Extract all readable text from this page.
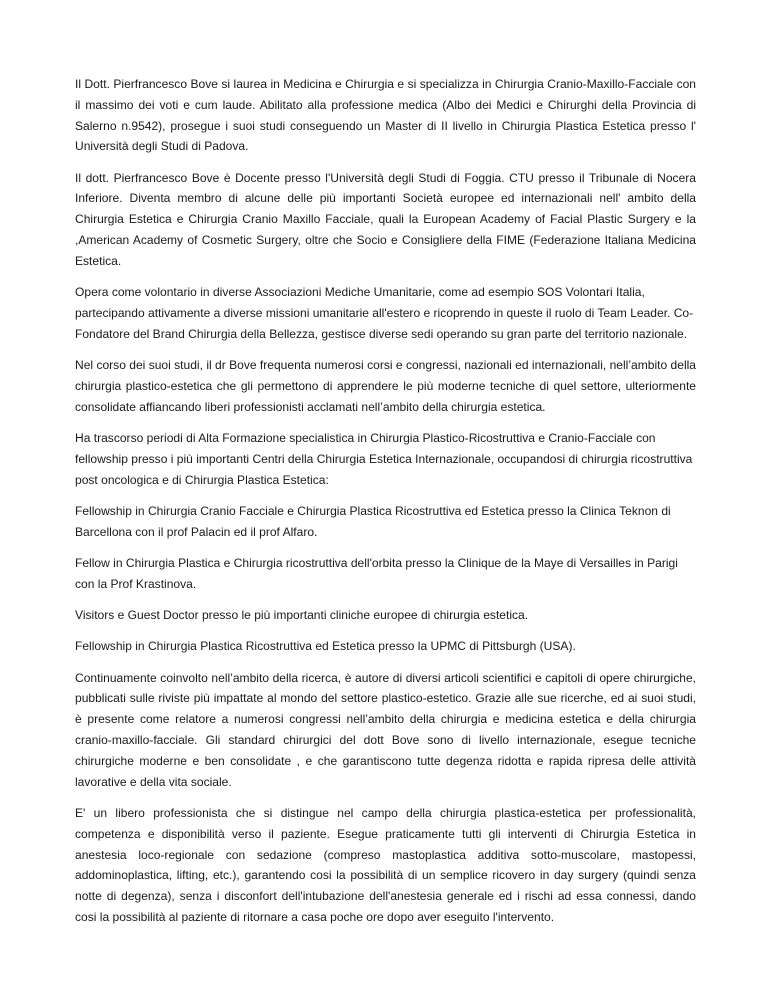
Il Dott. Pierfrancesco Bove si laurea in Medicina e Chirurgia e si specializza in Chirurgia Cranio-Maxillo-Facciale con il massimo dei voti e cum laude. Abilitato alla professione medica (Albo dei Medici e Chirurghi della Provincia di Salerno n.9542), prosegue i suoi studi conseguendo un Master di II livello in Chirurgia Plastica Estetica presso l' Università degli Studi di Padova.

Il dott. Pierfrancesco Bove è Docente presso l'Università degli Studi di Foggia. CTU presso il Tribunale di Nocera Inferiore. Diventa membro di alcune delle più importanti Società europee ed internazionali nell' ambito della Chirurgia Estetica e Chirurgia Cranio Maxillo Facciale, quali la European Academy of Facial Plastic Surgery e la ,American Academy of Cosmetic Surgery, oltre che Socio e Consigliere della FIME (Federazione Italiana Medicina Estetica.

Opera come volontario in diverse Associazioni Mediche Umanitarie, come ad esempio SOS Volontari Italia, partecipando attivamente a diverse missioni umanitarie all'estero e ricoprendo in queste il ruolo di Team Leader. Co- Fondatore del Brand Chirurgia della Bellezza, gestisce diverse sedi operando su gran parte del territorio nazionale.

Nel corso dei suoi studi, il dr Bove frequenta numerosi corsi e congressi, nazionali ed internazionali, nell’ambito della chirurgia plastico-estetica che gli permettono di apprendere le più moderne tecniche di quel settore, ulteriormente consolidate affiancando liberi professionisti acclamati nell’ambito della chirurgia estetica.

Ha trascorso periodi di Alta Formazione specialistica in Chirurgia Plastico-Ricostruttiva e Cranio-Facciale con fellowship presso i più importanti Centri della Chirurgia Estetica Internazionale, occupandosi di chirurgia ricostruttiva post oncologica e di Chirurgia Plastica Estetica:

Fellowship in Chirurgia Cranio Facciale e Chirurgia Plastica Ricostruttiva ed Estetica presso la Clinica Teknon di Barcellona con il prof Palacin ed il prof Alfaro.

Fellow in Chirurgia Plastica e Chirurgia ricostruttiva dell'orbita presso la Clinique de la Maye di Versailles in Parigi con la Prof Krastinova.

Visitors e Guest Doctor presso le più importanti cliniche europee di chirurgia estetica.

Fellowship in Chirurgia Plastica Ricostruttiva ed Estetica presso la UPMC di Pittsburgh (USA).

Continuamente coinvolto nell’ambito della ricerca, è autore di diversi articoli scientifici e capitoli di opere chirurgiche, pubblicati sulle riviste più impattate al mondo del settore plastico-estetico. Grazie alle sue ricerche, ed ai suoi studi, è presente come relatore a numerosi congressi nell’ambito della chirurgia e medicina estetica e della chirurgia cranio-maxillo-facciale. Gli standard chirurgici del dott Bove sono di livello internazionale, esegue tecniche chirurgiche moderne e ben consolidate , e che garantiscono tutte degenza ridotta e rapida ripresa delle attività lavorative e della vita sociale.

E' un libero professionista che si distingue nel campo della chirurgia plastica-estetica per professionalità, competenza e disponibilità verso il paziente. Esegue praticamente tutti gli interventi di Chirurgia Estetica in anestesia loco-regionale con sedazione (compreso mastoplastica additiva sotto-muscolare, mastopessi, addominoplastica, lifting, etc.), garantendo cosi la possibilità di un semplice ricovero in day surgery (quindi senza notte di degenza), senza i disconfort dell'intubazione dell'anestesia generale ed i rischi ad essa connessi, dando cosi la possibilità al paziente di ritornare a casa poche ore dopo aver eseguito l'intervento.
